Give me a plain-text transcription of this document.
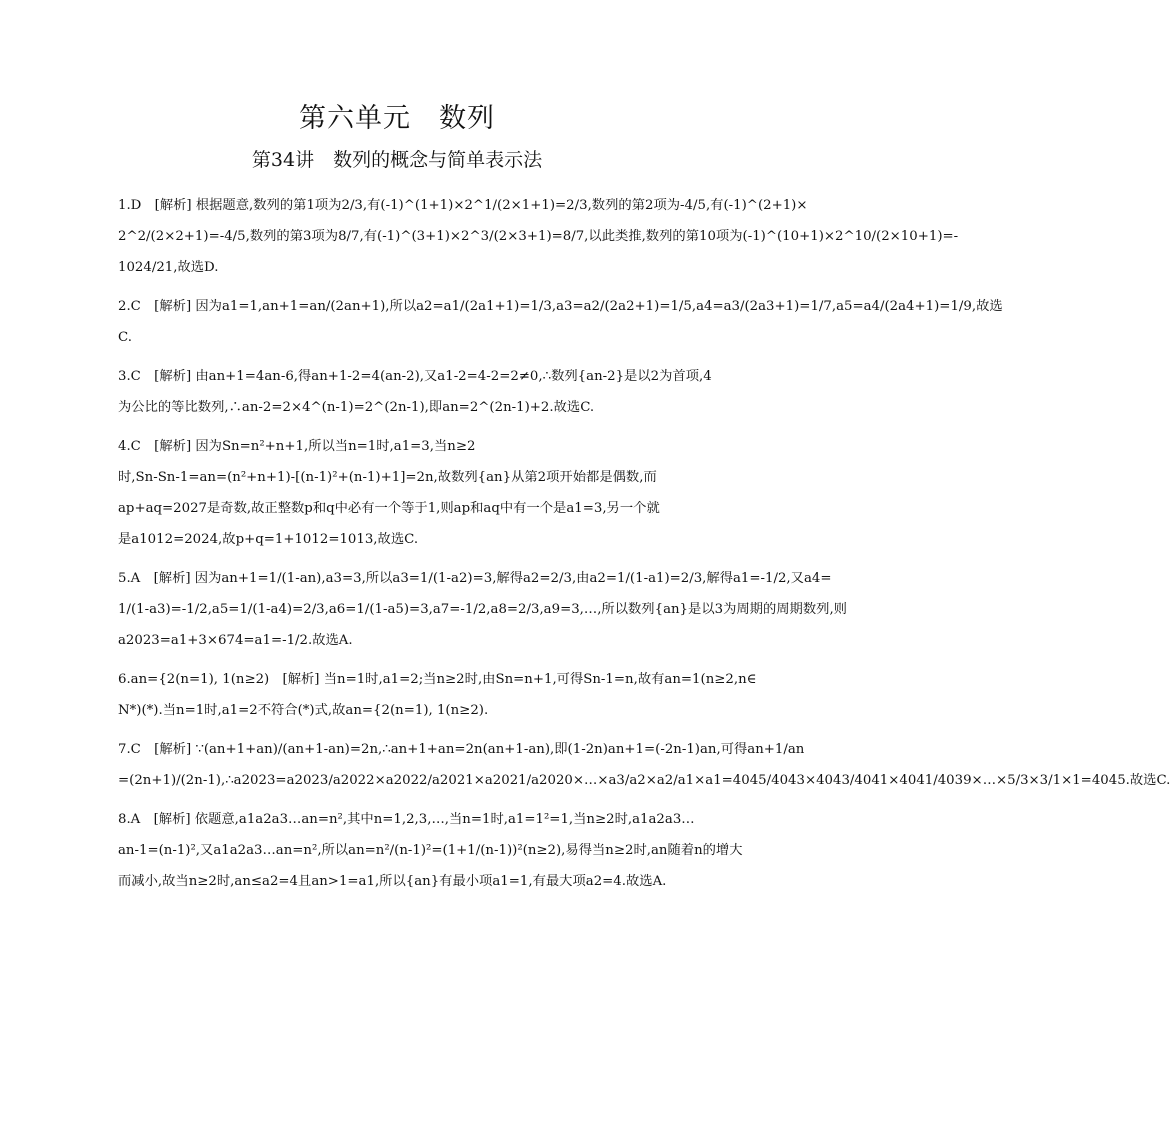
第六单元　数列
第34讲　数列的概念与简单表示法
1.D　[解析] 根据题意,数列的第1项为2/3,有(-1)^(1+1)×2^1/(2×1+1)=2/3,数列的第2项为-4/5,有(-1)^(2+1)×
2^2/(2×2+1)=-4/5,数列的第3项为8/7,有(-1)^(3+1)×2^3/(2×3+1)=8/7,以此类推,数列的第10项为(-1)^(10+1)×2^10/(2×10+1)=-
1024/21,故选D.
2.C　[解析] 因为a1=1,an+1=an/(2an+1),所以a2=a1/(2a1+1)=1/3,a3=a2/(2a2+1)=1/5,a4=a3/(2a3+1)=1/7,a5=a4/(2a4+1)=1/9,故选
C.
3.C　[解析] 由an+1=4an-6,得an+1-2=4(an-2),又a1-2=4-2=2≠0,∴数列{an-2}是以2为首项,4
为公比的等比数列,∴an-2=2×4^(n-1)=2^(2n-1),即an=2^(2n-1)+2.故选C.
4.C　[解析] 因为Sn=n²+n+1,所以当n=1时,a1=3,当n≥2
时,Sn-Sn-1=an=(n²+n+1)-[(n-1)²+(n-1)+1]=2n,故数列{an}从第2项开始都是偶数,而
ap+aq=2027是奇数,故正整数p和q中必有一个等于1,则ap和aq中有一个是a1=3,另一个就
是a1012=2024,故p+q=1+1012=1013,故选C.
5.A　[解析] 因为an+1=1/(1-an),a3=3,所以a3=1/(1-a2)=3,解得a2=2/3,由a2=1/(1-a1)=2/3,解得a1=-1/2,又a4=
1/(1-a3)=-1/2,a5=1/(1-a4)=2/3,a6=1/(1-a5)=3,a7=-1/2,a8=2/3,a9=3,…,所以数列{an}是以3为周期的周期数列,则
a2023=a1+3×674=a1=-1/2.故选A.
6.an={2(n=1), 1(n≥2)　[解析] 当n=1时,a1=2;当n≥2时,由Sn=n+1,可得Sn-1=n,故有an=1(n≥2,n∈
N*)(*).当n=1时,a1=2不符合(*)式,故an={2(n=1), 1(n≥2).
7.C　[解析] ∵(an+1+an)/(an+1-an)=2n,∴an+1+an=2n(an+1-an),即(1-2n)an+1=(-2n-1)an,可得an+1/an
=(2n+1)/(2n-1),∴a2023=a2023/a2022×a2022/a2021×a2021/a2020×…×a3/a2×a2/a1×a1=4045/4043×4043/4041×4041/4039×…×5/3×3/1×1=4045.故选C.
8.A　[解析] 依题意,a1a2a3…an=n²,其中n=1,2,3,…,当n=1时,a1=1²=1,当n≥2时,a1a2a3…
an-1=(n-1)²,又a1a2a3…an=n²,所以an=n²/(n-1)²=(1+1/(n-1))²(n≥2),易得当n≥2时,an随着n的增大
而减小,故当n≥2时,an≤a2=4且an>1=a1,所以{an}有最小项a1=1,有最大项a2=4.故选A.
